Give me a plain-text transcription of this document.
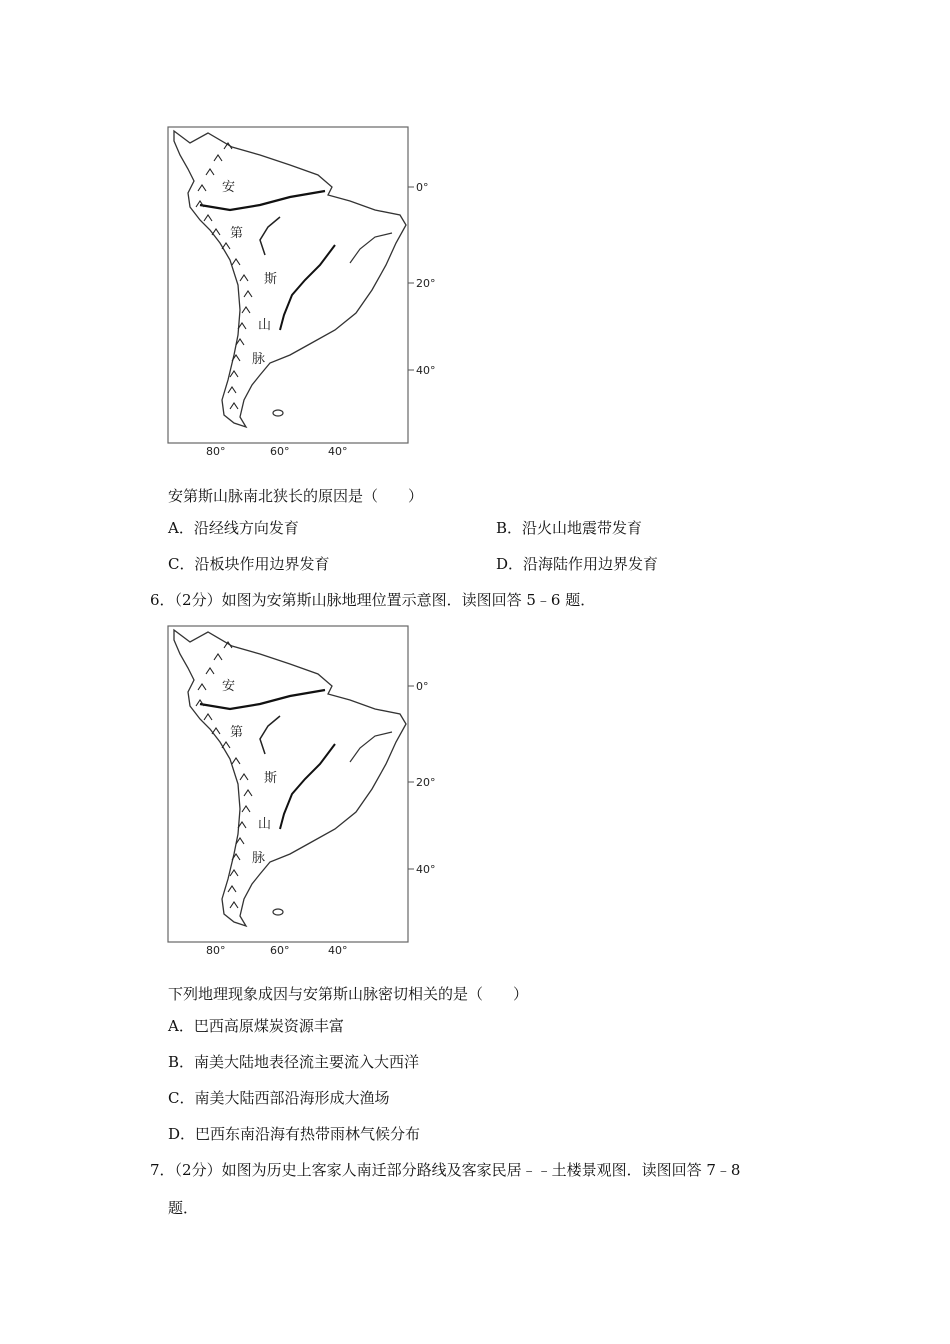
安
第
斯
山
脉
0°
20°
40°
80°	60°	40°
安第斯山脉南北狭长的原因是（　　）
A．沿经线方向发育	B．沿火山地震带发育
C．沿板块作用边界发育	D．沿海陆作用边界发育
6．（2分）如图为安第斯山脉地理位置示意图．读图回答 5﹣6 题．
安
第
斯
山
脉
0°
20°
40°
80°	60°	40°
下列地理现象成因与安第斯山脉密切相关的是（　　）
A．巴西高原煤炭资源丰富
B．南美大陆地表径流主要流入大西洋
C．南美大陆西部沿海形成大渔场
D．巴西东南沿海有热带雨林气候分布
7．（2分）如图为历史上客家人南迁部分路线及客家民居﹣﹣土楼景观图．读图回答 7﹣8
题．
